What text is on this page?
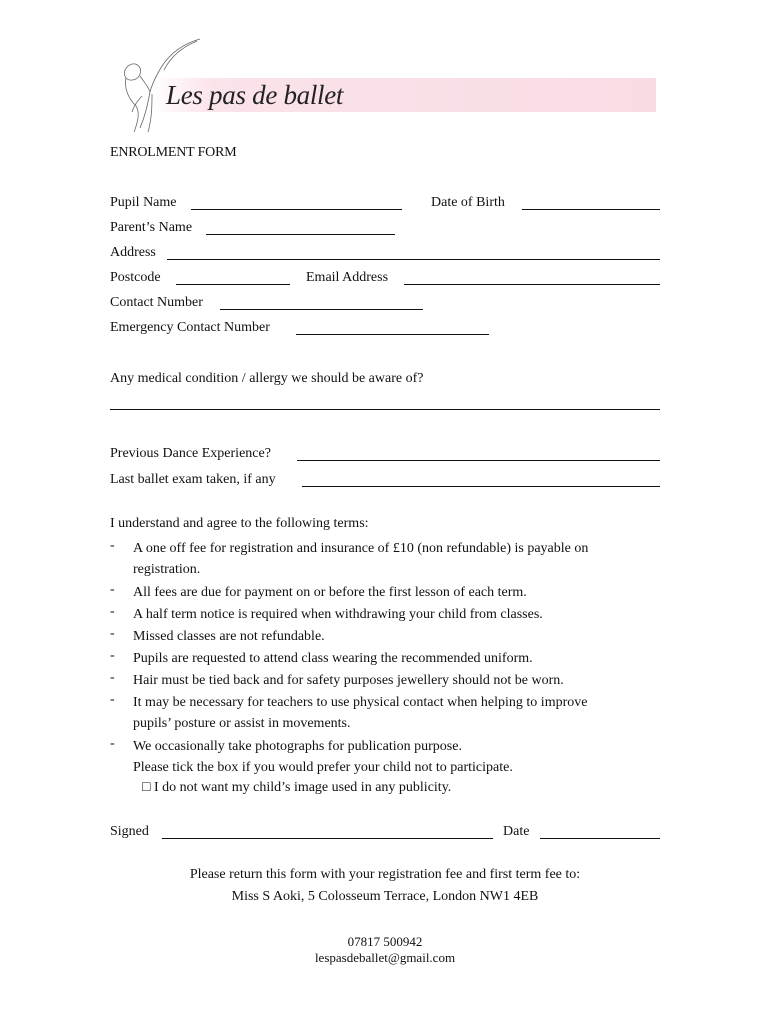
Les pas de ballet
ENROLMENT FORM
Pupil Name	Date of Birth
Parent’s Name
Address
Postcode	Email Address
Contact Number
Emergency Contact Number
Any medical condition / allergy we should be aware of?
Previous Dance Experience?
Last ballet exam taken, if any
I understand and agree to the following terms:
- A one off fee for registration and insurance of £10 (non refundable) is payable on
registration.
- All fees are due for payment on or before the first lesson of each term.
- A half term notice is required when withdrawing your child from classes.
- Missed classes are not refundable.
- Pupils are requested to attend class wearing the recommended uniform.
- Hair must be tied back and for safety purposes jewellery should not be worn.
- It may be necessary for teachers to use physical contact when helping to improve
pupils’ posture or assist in movements.
- We occasionally take photographs for publication purpose.
Please tick the box if you would prefer your child not to participate.
□ I do not want my child’s image used in any publicity.
Signed	Date
Please return this form with your registration fee and first term fee to:
Miss S Aoki, 5 Colosseum Terrace, London NW1 4EB
07817 500942
lespasdeballet@gmail.com
